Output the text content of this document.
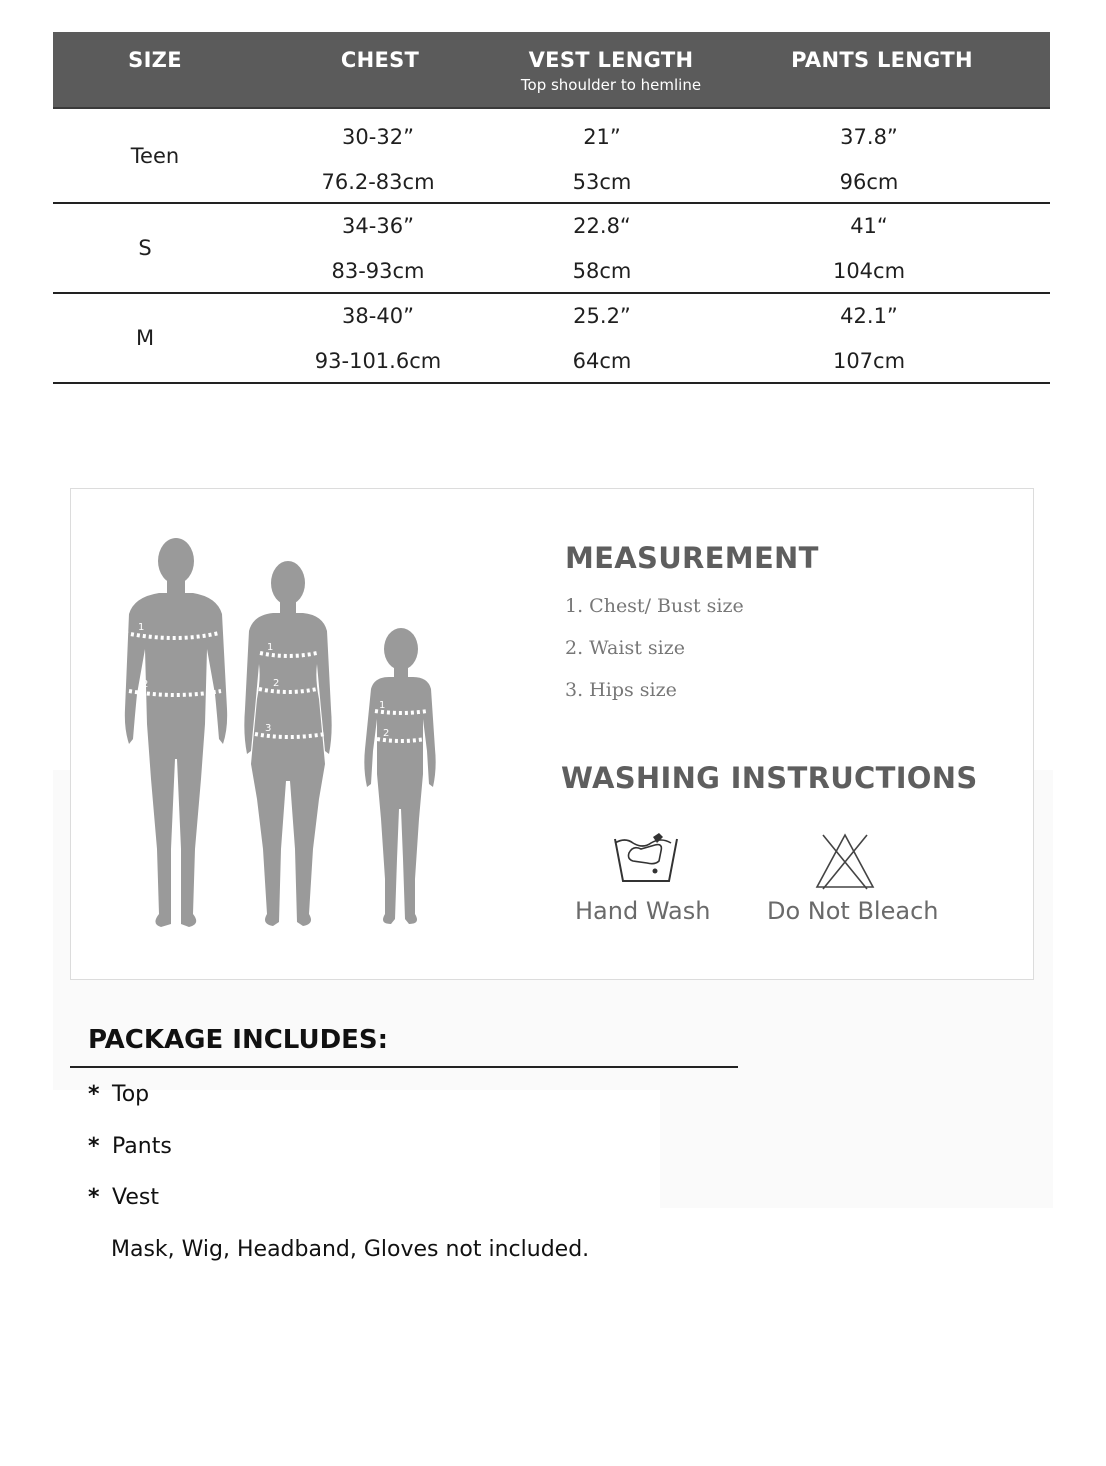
SIZE	CHEST	VEST LENGTH
Top shoulder to hemline
PANTS LENGTH
Teen
30-32”
76.2-83cm
21”
53cm
37.8”
96cm
S
34-36”
83-93cm
22.8“
58cm
41“
104cm
M
38-40”
93-101.6cm
25.2”
64cm
42.1”
107cm
1
2
1
2
3
1
2
MEASUREMENT
1. Chest/ Bust size
2. Waist size
3. Hips size
WASHING INSTRUCTIONS
Hand Wash Do Not Bleach
PACKAGE INCLUDES:
* Top
* Pants
* Vest
Mask, Wig, Headband, Gloves not included.
